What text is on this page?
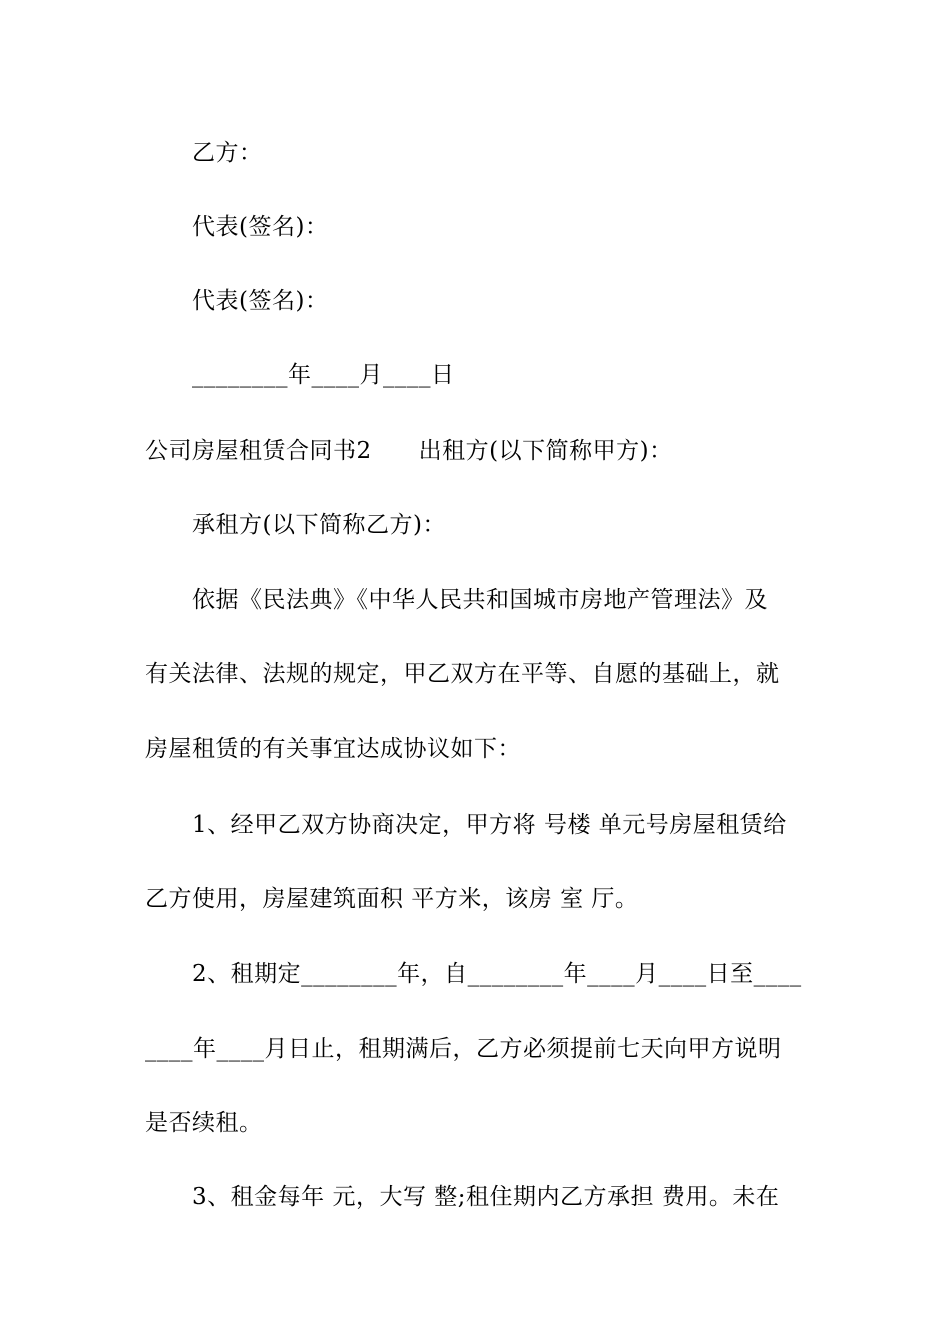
乙方：
代表(签名)：
代表(签名)：
________年____月____日
公司房屋租赁合同书2　　出租方(以下简称甲方)：
承租方(以下简称乙方)：
依据《民法典》《中华人民共和国城市房地产管理法》及
有关法律、法规的规定，甲乙双方在平等、自愿的基础上，就
房屋租赁的有关事宜达成协议如下：
1、经甲乙双方协商决定，甲方将 号楼 单元号房屋租赁给
乙方使用，房屋建筑面积 平方米，该房 室 厅。
2、租期定________年，自________年____月____日至____
____年____月日止，租期满后，乙方必须提前七天向甲方说明
是否续租。
3、租金每年 元，大写 整;租住期内乙方承担 费用。未在
